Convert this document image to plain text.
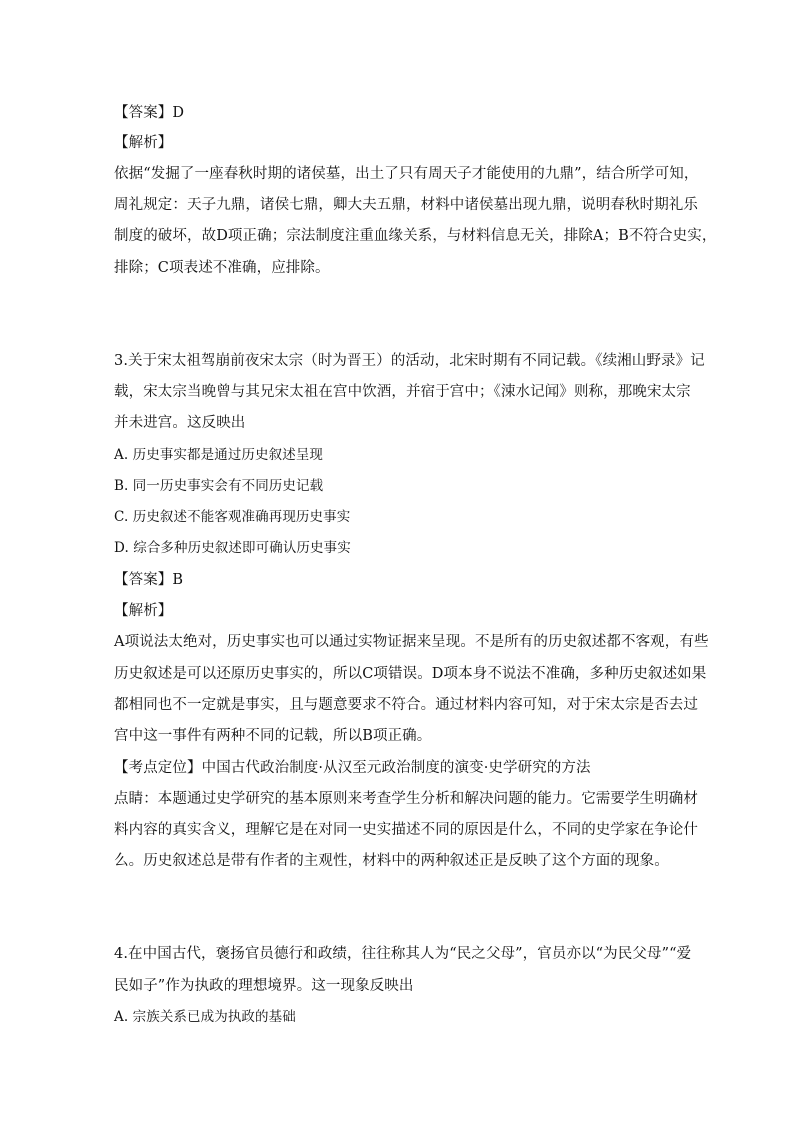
【答案】D
【解析】
依据“发掘了一座春秋时期的诸侯墓，出土了只有周天子才能使用的九鼎”，结合所学可知，
周礼规定：天子九鼎，诸侯七鼎，卿大夫五鼎，材料中诸侯墓出现九鼎，说明春秋时期礼乐
制度的破坏，故D项正确；宗法制度注重血缘关系，与材料信息无关，排除A；B不符合史实，
排除；C项表述不准确，应排除。
3.关于宋太祖驾崩前夜宋太宗（时为晋王）的活动，北宋时期有不同记载。《续湘山野录》记
载，宋太宗当晚曾与其兄宋太祖在宫中饮酒，并宿于宫中；《涑水记闻》则称，那晚宋太宗
并未进宫。这反映出
A. 历史事实都是通过历史叙述呈现
B. 同一历史事实会有不同历史记载
C. 历史叙述不能客观准确再现历史事实
D. 综合多种历史叙述即可确认历史事实
【答案】B
【解析】
A项说法太绝对，历史事实也可以通过实物证据来呈现。不是所有的历史叙述都不客观，有些
历史叙述是可以还原历史事实的，所以C项错误。D项本身不说法不准确，多种历史叙述如果
都相同也不一定就是事实，且与题意要求不符合。通过材料内容可知，对于宋太宗是否去过
宫中这一事件有两种不同的记载，所以B项正确。
【考点定位】中国古代政治制度·从汉至元政治制度的演变·史学研究的方法
点睛：本题通过史学研究的基本原则来考查学生分析和解决问题的能力。它需要学生明确材
料内容的真实含义，理解它是在对同一史实描述不同的原因是什么，不同的史学家在争论什
么。历史叙述总是带有作者的主观性，材料中的两种叙述正是反映了这个方面的现象。
4.在中国古代，褒扬官员德行和政绩，往往称其人为“民之父母”，官员亦以“为民父母”“爱
民如子”作为执政的理想境界。这一现象反映出
A. 宗族关系已成为执政的基础
